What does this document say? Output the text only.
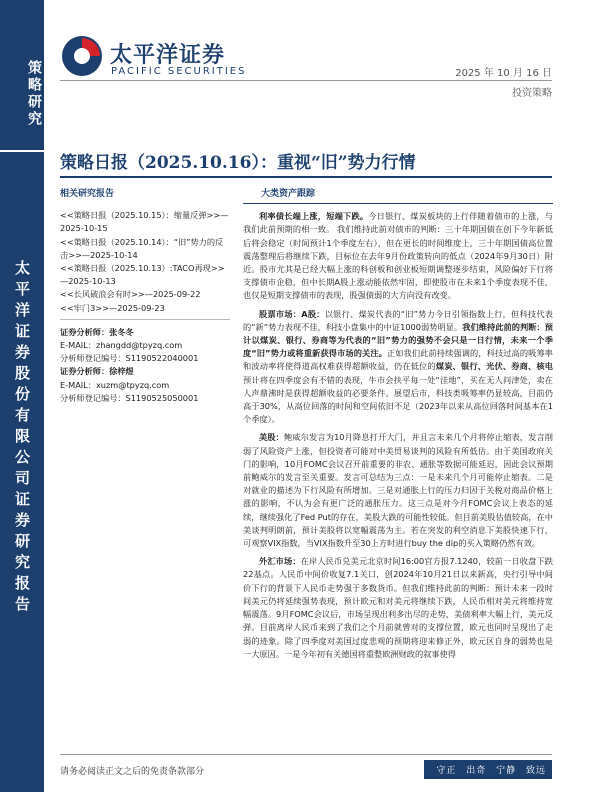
策略研究
太平洋证券股份有限公司证券研究报告
太平洋证券
PACIFIC SECURITIES	2025 年 10 月 16 日
投资策略
策略日报（2025.10.16）：重视“旧”势力行情
相关研究报告
<<策略日报（2025.10.15）：缩量反弹>>—2025-10-15
<<策略日报（2025.10.14）：“旧”势力的反击>>—2025-10-14
<<策略日报（2025.10.13）:TACO再现>>—2025-10-13
<<长风破浪会有时>>—2025-09-22
<<牢门3>>—2025-09-23
证券分析师：张冬冬
E-MAIL：zhangdd@tpyzq.com
分析师登记编号：S1190522040001
证券分析师：徐梓煜
E-MAIL：xuzm@tpyzq.com
分析师登记编号：S1190525050001
大类资产跟踪

利率债长端上涨，短端下跌。今日银行、煤炭板块的上行伴随着债市的上涨，与我们此前预期的相一致。 我们维持此前对债市的判断：三十年期国债在创下今年新低后将会稳定（时间预计1个季度左右），但在更长的时间维度上，三十年期国债高位置震荡整理后将继续下跌，目标位在去年9月份政策转向的低点（2024年9月30日）附近。股市尤其是已经大幅上涨的科创板和创业板短期调整逐步结束，风险偏好下行将支撑债市企稳，但中长期A股上涨动能依然牢固，即使股市在未来1个季度表现不佳，也仅是短期支撑债市的表现，股强债弱的大方向没有改变。

股票市场：A股：以银行、煤炭代表的“旧”势力今日引领指数上行，但科技代表的“新”势力表现不佳，科技小盘集中的中证1000弱势明显。我们维持此前的判断：预计以煤炭、银行、券商等为代表的“旧”势力的强势不会只是一日行情，未来一个季度“旧”势力或将重新获得市场的关注。正如我们此前持续强调的，科技过高的吸筹率和波动率将使得道高权难获得超额收益，仍在低位的煤炭、银行、光伏、券商、核电预计将在四季度会有不错的表现，牛市会扶平每一处“洼地”，买在无人问津处，卖在人声鼎沸时是获得超额收益的必要条件。展望后市，科技类吸筹率仍显较高，目前仍高于30%，从高位回落的时间和空间依旧不足（2023年以来从高位回落时间基本在1个季度）。

美股：鲍威尔发言为10月降息打开大门，并且言未来几个月将停止缩表，发言削弱了风险资产上涨，但投资者可能对中美贸易谈判的风险有所低估。由于美国政府关门的影响，10月FOMC会议召开前重要的非农、通胀等数据可能延迟，因此会议预期前鲍威尔的发言至关重要。发言可总结为三点：一是未来几个月可能停止缩表。二是对就业的描述为下行风险有所增加。三是对通胀上行的压力归因于关税对商品价格上涨的影响，不认为会有更广泛的通胀压力。这三点是对今月FOMC会议上表态的延续，继续强化了Fed Put的存在，美股大跌的可能性较低。但目前美股估值较高，在中美谈判明朗前，预计美股将以宽幅震荡为主。若在突发的利空消息下美股快速下行，可观察VIX指数，当VIX指数升至30上方时进行buy the dip的买入策略仍然有效。

外汇市场：在岸人民币兑美元北京时间16:00官方报7.1240，较前一日收盘下跌22基点。人民币中间价收复7.1关口，创2024年10月21日以来新高，央行引导中间价下行的背景下人民币走势强于多数货币。但我们维持此前的判断：预计未来一段时间美元仍将延续强势表现，预计欧元和对美元将继续下跌，人民币相对美元将维持宽幅震荡。9月FOMC会议后，市场呈现出利多出尽的走势，美债利率大幅上行，美元反弹。目前离岸人民币来到了我们之个月前就曾对的支撑位置，欧元也同时呈现出了走弱的迹象。除了四季度对美国过度悲观的预期将迎来修正外，欧元区自身的弱势也是一大原因。一是今年初有关德国将重整欧洲财政的叙事使得

请务必阅读正文之后的免责条款部分	守正 出奇 宁静 致远
